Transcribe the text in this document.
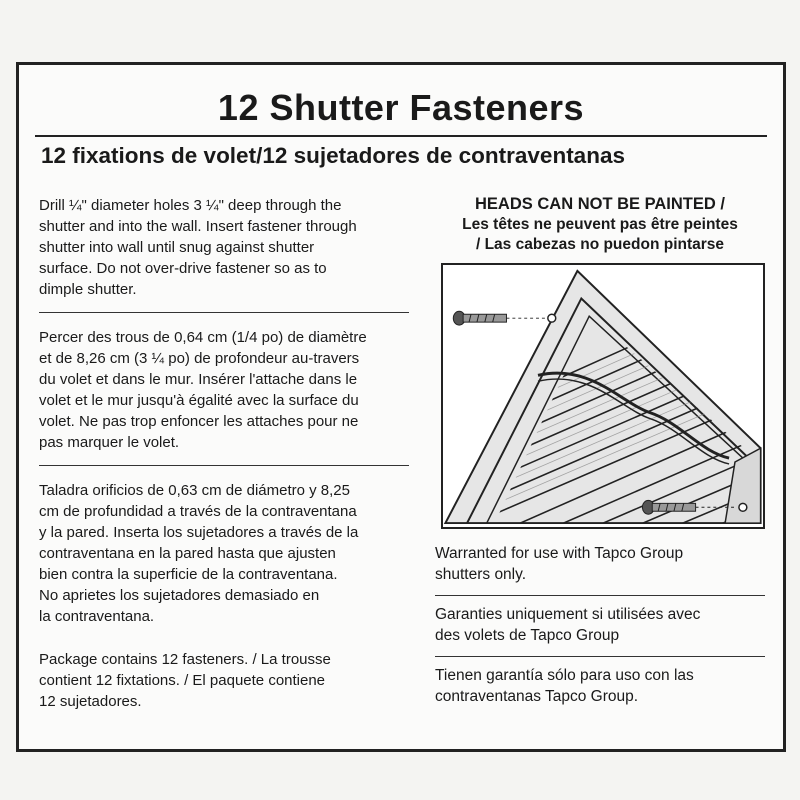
12 Shutter Fasteners
12 fixations de volet/12 sujetadores de contraventanas

Drill ¼" diameter holes 3 ¼" deep through the
shutter and into the wall. Insert fastener through
shutter into wall until snug against shutter
surface. Do not over-drive fastener so as to
dimple shutter.

Percer des trous de 0,64 cm (1/4 po) de diamètre
et de 8,26 cm (3 ¼ po) de profondeur au-travers
du volet et dans le mur. Insérer l'attache dans le
volet et le mur jusqu'à égalité avec la surface du
volet. Ne pas trop enfoncer les attaches pour ne
pas marquer le volet.

Taladra orificios de 0,63 cm de diámetro y 8,25
cm de profundidad a través de la contraventana
y la pared. Inserta los sujetadores a través de la
contraventana en la pared hasta que ajusten
bien contra la superficie de la contraventana.
No aprietes los sujetadores demasiado en
la contraventana.

Package contains 12 fasteners. / La trousse
contient 12 fixtations. / El paquete contiene
12 sujetadores.

HEADS CAN NOT BE PAINTED /

Les têtes ne peuvent pas être peintes

/ Las cabezas no puedon pintarse

Warranted for use with Tapco Group
shutters only.

Garanties uniquement si utilisées avec
des volets de Tapco Group

Tienen garantía sólo para uso con las
contraventanas Tapco Group.
